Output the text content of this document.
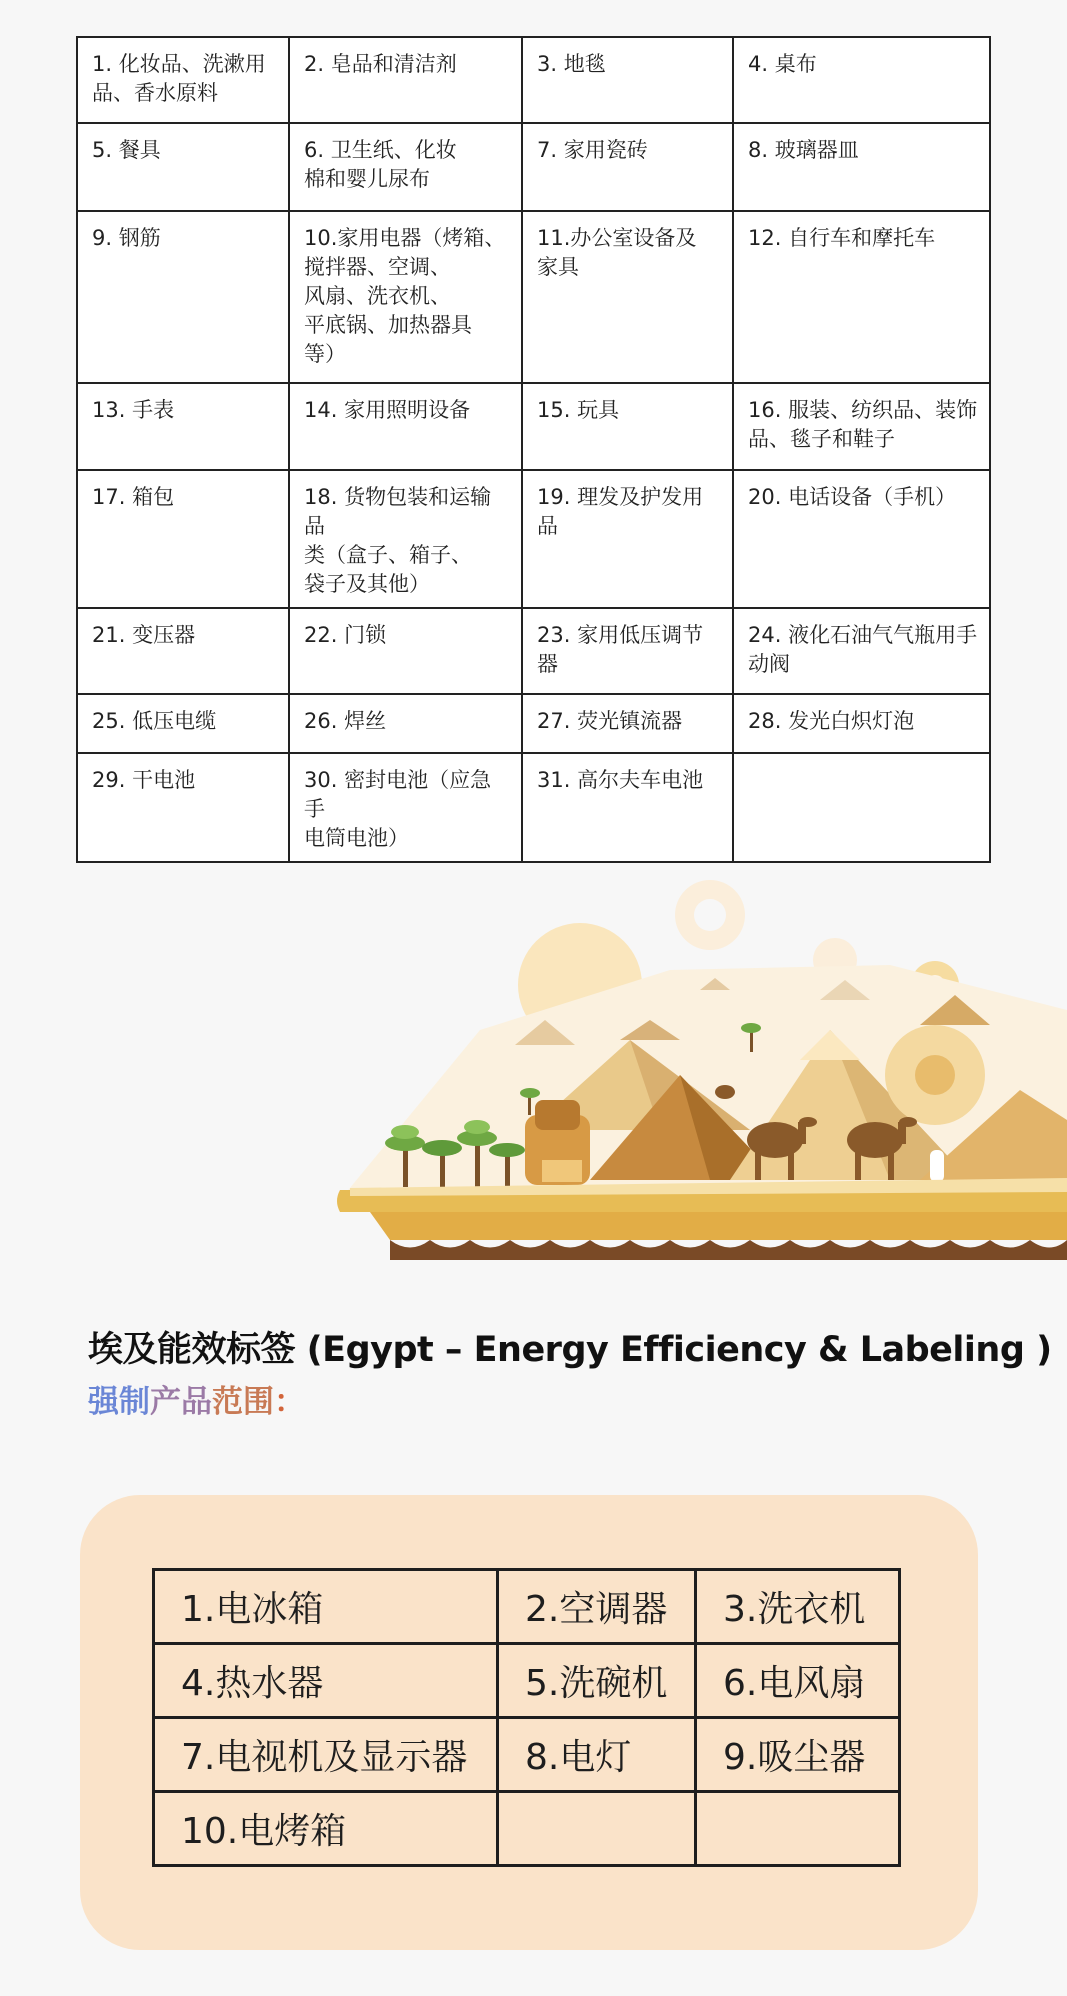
1. 化妆品、洗漱用
品、香水原料	2. 皂品和清洁剂	3. 地毯	4. 桌布

5. 餐具	6. 卫生纸、化妆
棉和婴儿尿布	7. 家用瓷砖	8. 玻璃器皿

9. 钢筋	10.家用电器（烤箱、
搅拌器、空调、
风扇、洗衣机、
平底锅、加热器具
等）	11.办公室设备及
家具	12. 自行车和摩托车

13. 手表	14. 家用照明设备	15. 玩具	16. 服装、纺织品、装饰
品、毯子和鞋子

17. 箱包	18. 货物包装和运输品
类（盒子、箱子、
袋子及其他）	19. 理发及护发用品	20. 电话设备（手机）

21. 变压器	22. 门锁	23. 家用低压调节器	24. 液化石油气气瓶用手
动阀

25. 低压电缆	26. 焊丝	27. 荧光镇流器	28. 发光白炽灯泡

29. 干电池	30. 密封电池（应急手
电筒电池）	31. 高尔夫车电池	

埃及能效标签 (Egypt – Energy Efficiency & Labeling )
强制产品范围：
1.电冰箱	2.空调器	3.洗衣机
4.热水器	5.洗碗机	6.电风扇
7.电视机及显示器	8.电灯	9.吸尘器
10.电烤箱		
